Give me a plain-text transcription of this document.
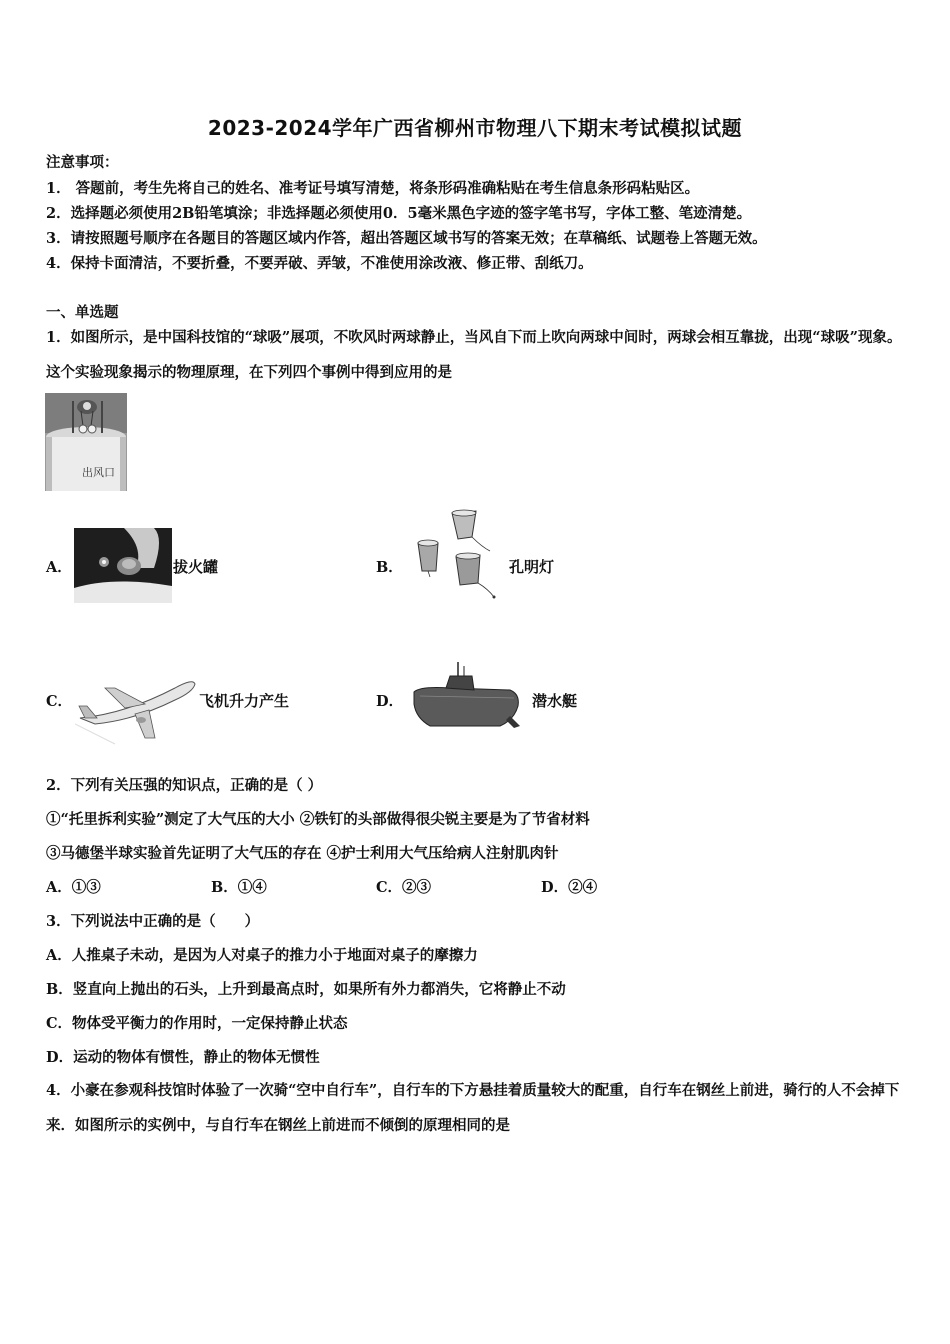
2023-2024学年广西省柳州市物理八下期末考试模拟试题
注意事项：
1． 答题前，考生先将自己的姓名、准考证号填写清楚，将条形码准确粘贴在考生信息条形码粘贴区。
2．选择题必须使用2B铅笔填涂；非选择题必须使用0．5毫米黑色字迹的签字笔书写，字体工整、笔迹清楚。
3．请按照题号顺序在各题目的答题区域内作答，超出答题区域书写的答案无效；在草稿纸、试题卷上答题无效。
4．保持卡面清洁，不要折叠，不要弄破、弄皱，不准使用涂改液、修正带、刮纸刀。
一、单选题
1．如图所示，是中国科技馆的“球吸”展项，不吹风时两球静止，当风自下而上吹向两球中间时，两球会相互靠拢，出现“球吸”现象。这个实验现象揭示的物理原理，在下列四个事例中得到应用的是
出风口
A．	拔火罐	B．	孔明灯
C．	飞机升力产生	D．	潜水艇
2．下列有关压强的知识点，正确的是（ ）
①“托里拆利实验”测定了大气压的大小 ②铁钉的头部做得很尖锐主要是为了节省材料
③马德堡半球实验首先证明了大气压的存在 ④护士利用大气压给病人注射肌肉针
A．①③	B．①④	C．②③	D．②④
3．下列说法中正确的是（　　）
A．人推桌子未动，是因为人对桌子的推力小于地面对桌子的摩擦力
B．竖直向上抛出的石头，上升到最高点时，如果所有外力都消失，它将静止不动
C．物体受平衡力的作用时，一定保持静止状态
D．运动的物体有惯性，静止的物体无惯性
4．小豪在参观科技馆时体验了一次骑“空中自行车”，自行车的下方悬挂着质量较大的配重，自行车在钢丝上前进，骑行的人不会掉下来．如图所示的实例中，与自行车在钢丝上前进而不倾倒的原理相同的是
